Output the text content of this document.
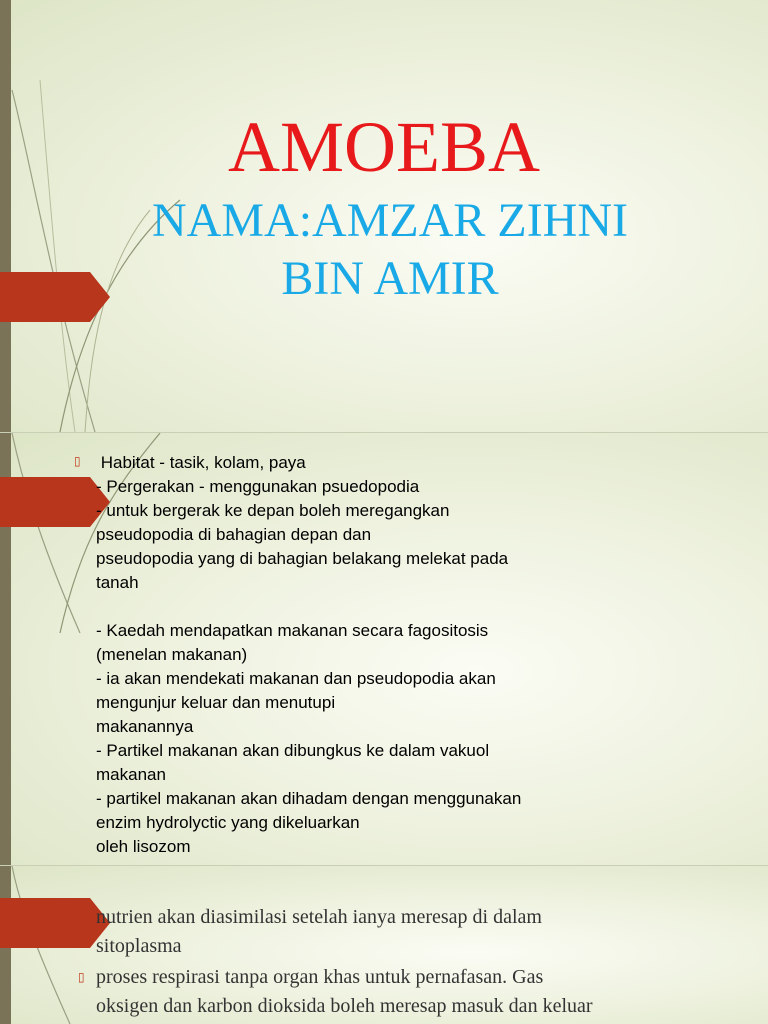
AMOEBA
NAMA:AMZAR ZIHNI
BIN AMIR
▯ Habitat - tasik, kolam, paya
- Pergerakan - menggunakan psuedopodia
- untuk bergerak ke depan boleh meregangkan
pseudopodia di bahagian depan dan
pseudopodia yang di bahagian belakang melekat pada
tanah
- Kaedah mendapatkan makanan secara fagositosis
(menelan makanan)
- ia akan mendekati makanan dan pseudopodia akan
mengunjur keluar dan menutupi
makanannya
- Partikel makanan akan dibungkus ke dalam vakuol
makanan
- partikel makanan akan dihadam dengan menggunakan
enzim hydrolyctic yang dikeluarkan
oleh lisozom
▯
nutrien akan diasimilasi setelah ianya meresap di dalam
sitoplasma
proses respirasi tanpa organ khas untuk pernafasan. Gas
oksigen dan karbon dioksida boleh meresap masuk dan keluar
